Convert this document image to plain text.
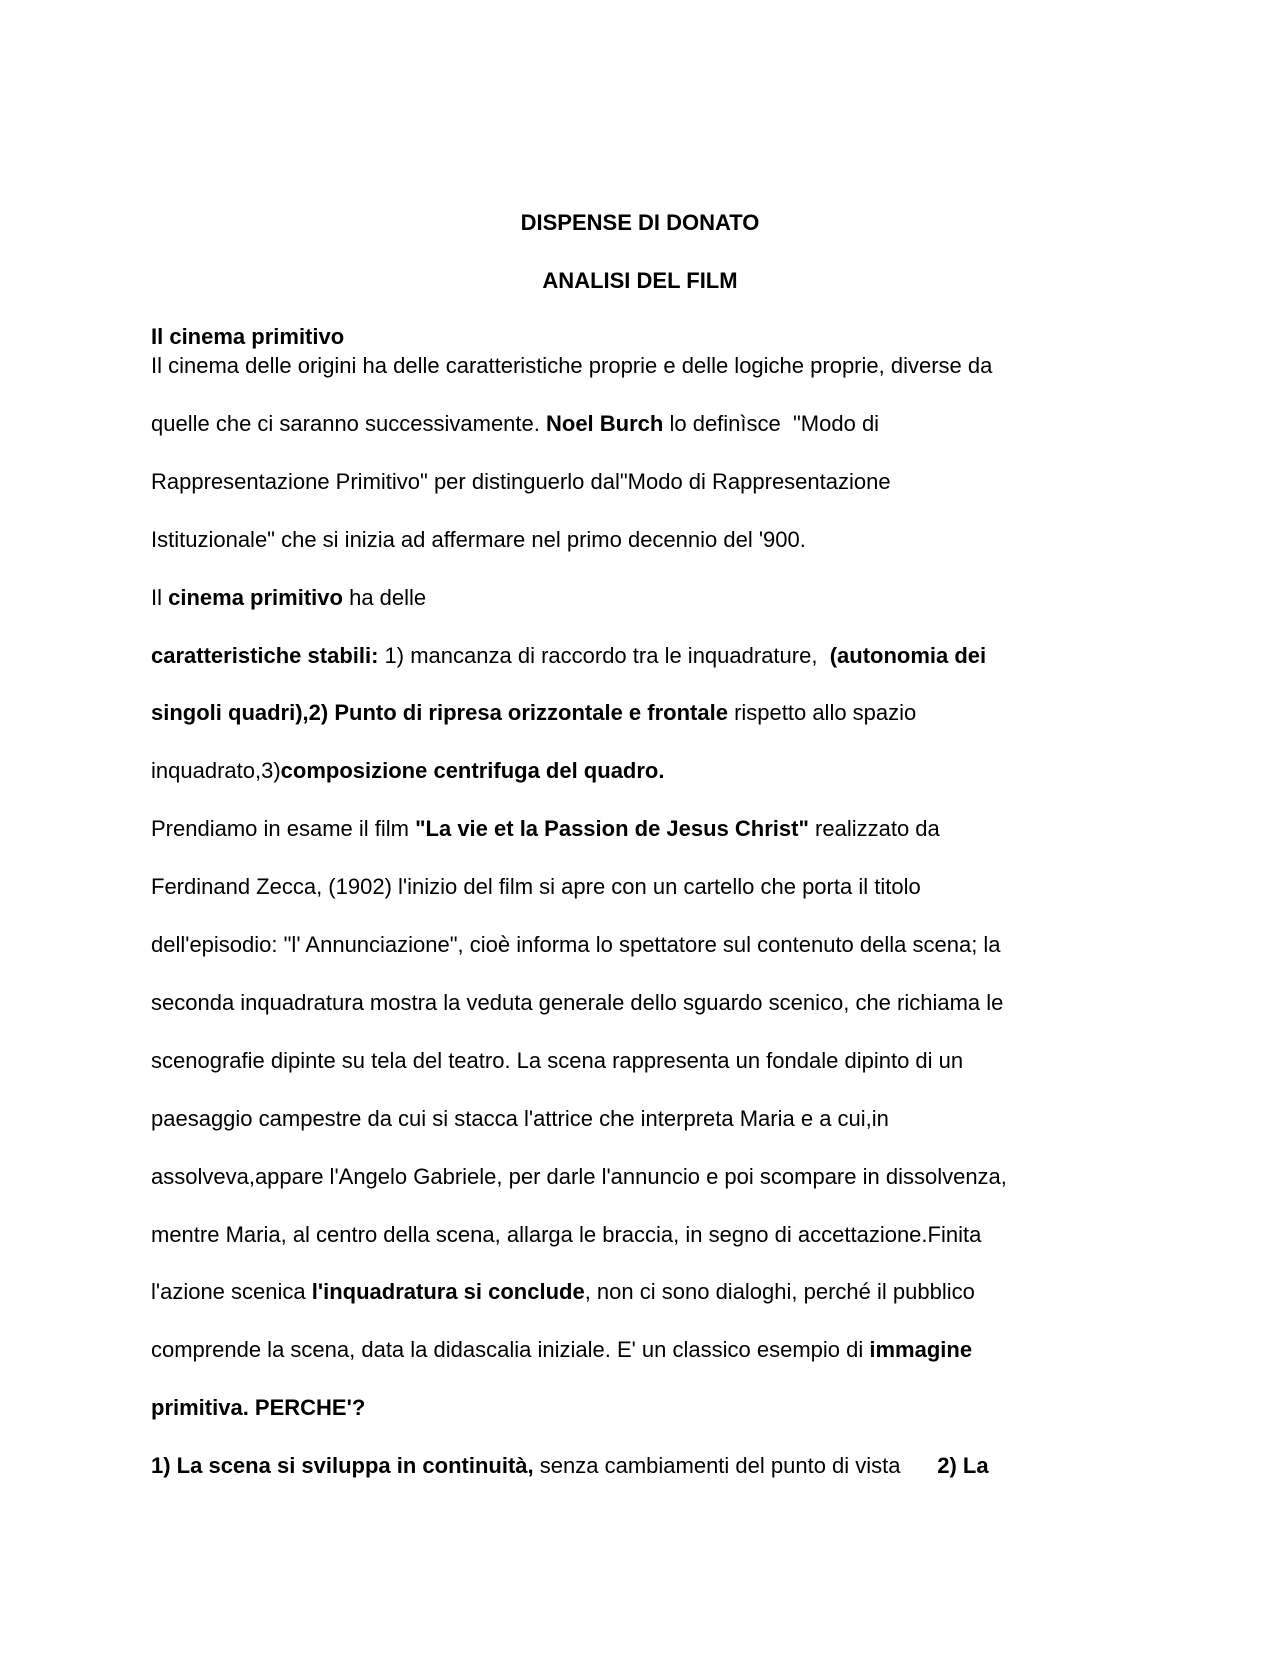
DISPENSE DI DONATO
ANALISI DEL FILM
Il cinema primitivo
Il cinema delle origini ha delle caratteristiche proprie e delle logiche proprie, diverse da
quelle che ci saranno successivamente. Noel Burch lo definìsce  "Modo di
Rappresentazione Primitivo" per distinguerlo dal"Modo di Rappresentazione
Istituzionale" che si inizia ad affermare nel primo decennio del '900.
Il cinema primitivo ha delle
caratteristiche stabili: 1) mancanza di raccordo tra le inquadrature,  (autonomia dei
singoli quadri),2) Punto di ripresa orizzontale e frontale rispetto allo spazio
inquadrato,3)composizione centrifuga del quadro.
Prendiamo in esame il film "La vie et la Passion de Jesus Christ" realizzato da
Ferdinand Zecca, (1902) l'inizio del film si apre con un cartello che porta il titolo
dell'episodio: "l' Annunciazione", cioè informa lo spettatore sul contenuto della scena; la
seconda inquadratura mostra la veduta generale dello sguardo scenico, che richiama le
scenografie dipinte su tela del teatro. La scena rappresenta un fondale dipinto di un
paesaggio campestre da cui si stacca l'attrice che interpreta Maria e a cui,in
assolveva,appare l'Angelo Gabriele, per darle l'annuncio e poi scompare in dissolvenza,
mentre Maria, al centro della scena, allarga le braccia, in segno di accettazione.Finita
l'azione scenica l'inquadratura si conclude, non ci sono dialoghi, perché il pubblico
comprende la scena, data la didascalia iniziale. E' un classico esempio di immagine
primitiva. PERCHE'?
1) La scena si sviluppa in continuità, senza cambiamenti del punto di vista      2) La
